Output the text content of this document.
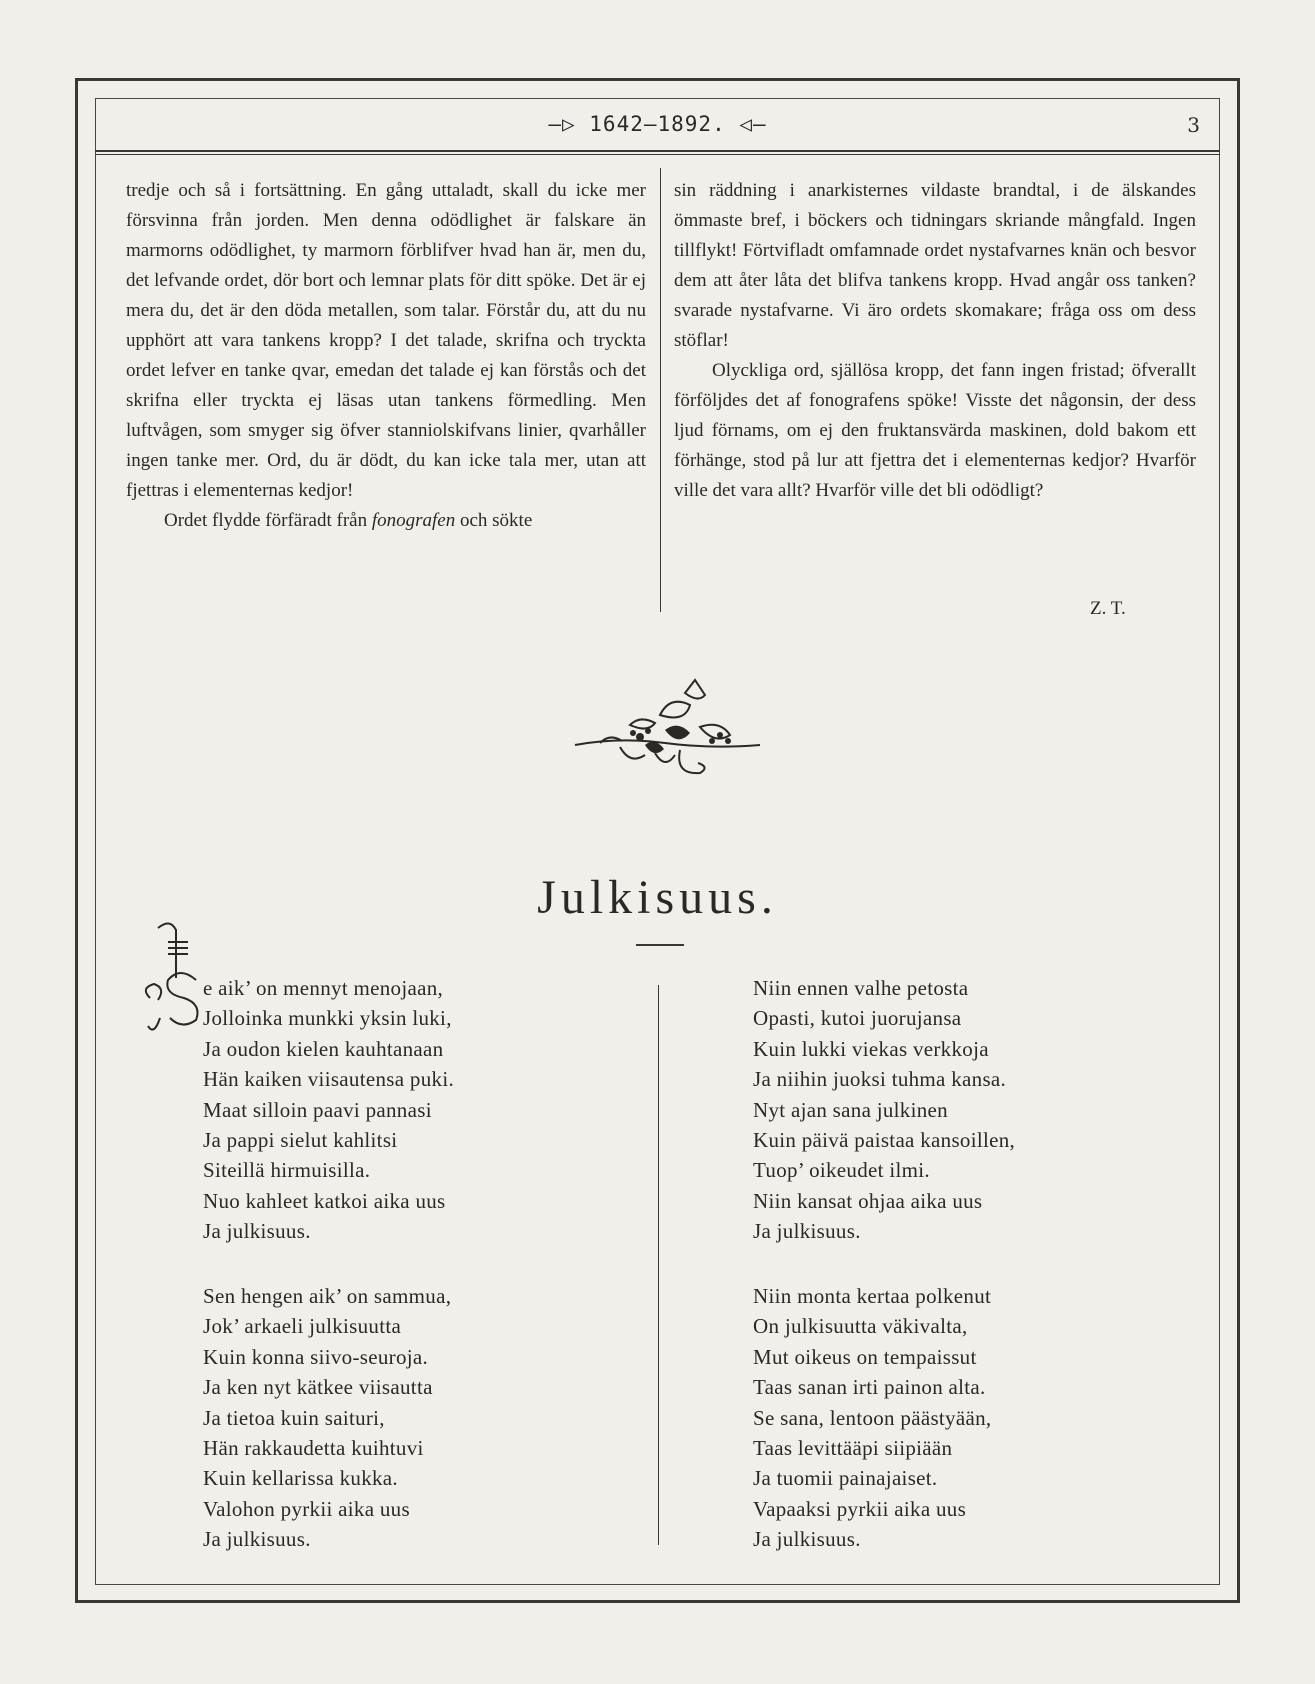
—▷ 1642—1892. ◁—	3

tredje och så i fortsättning. En gång uttaladt, skall du icke mer försvinna från jorden. Men denna odödlighet är falskare än marmorns odödlighet, ty marmorn förblifver hvad han är, men du, det lefvande ordet, dör bort och lemnar plats för ditt spöke. Det är ej mera du, det är den döda metallen, som talar. Förstår du, att du nu upphört att vara tankens kropp? I det talade, skrifna och tryckta ordet lefver en tanke qvar, emedan det talade ej kan förstås och det skrifna eller tryckta ej läsas utan tankens förmedling. Men luftvågen, som smyger sig öfver stanniolskifvans linier, qvarhåller ingen tanke mer. Ord, du är dödt, du kan icke tala mer, utan att fjettras i elementernas kedjor!

Ordet flydde förfäradt från fonografen och sökte

sin räddning i anarkisternes vildaste brandtal, i de älskandes ömmaste bref, i böckers och tidningars skriande mångfald. Ingen tillflykt! Förtvifladt omfamnade ordet nystafvarnes knän och besvor dem att åter låta det blifva tankens kropp. Hvad angår oss tanken? svarade nystafvarne. Vi äro ordets skomakare; fråga oss om dess stöflar!

Olyckliga ord, själlösa kropp, det fann ingen fristad; öfverallt förföljdes det af fonografens spöke! Visste det någonsin, der dess ljud förnams, om ej den fruktansvärda maskinen, dold bakom ett förhänge, stod på lur att fjettra det i elementernas kedjor? Hvarför ville det vara allt? Hvarför ville det bli odödligt?

Z. T.
Julkisuus.
e aik’ on mennyt menojaan,
Jolloinka munkki yksin luki,
Ja oudon kielen kauhtanaan
Hän kaiken viisautensa puki.
Maat silloin paavi pannasi
Ja pappi sielut kahlitsi
Siteillä hirmuisilla.
Nuo kahleet katkoi aika uus
Ja julkisuus.
Niin ennen valhe petosta
Opasti, kutoi juorujansa
Kuin lukki viekas verkkoja
Ja niihin juoksi tuhma kansa.
Nyt ajan sana julkinen
Kuin päivä paistaa kansoillen,
Tuop’ oikeudet ilmi.
Niin kansat ohjaa aika uus
Ja julkisuus.
Sen hengen aik’ on sammua,
Jok’ arkaeli julkisuutta
Kuin konna siivo-seuroja.
Ja ken nyt kätkee viisautta
Ja tietoa kuin saituri,
Hän rakkaudetta kuihtuvi
Kuin kellarissa kukka.
Valohon pyrkii aika uus
Ja julkisuus.
Niin monta kertaa polkenut
On julkisuutta väkivalta,
Mut oikeus on tempaissut
Taas sanan irti painon alta.
Se sana, lentoon päästyään,
Taas levittääpi siipiään
Ja tuomii painajaiset.
Vapaaksi pyrkii aika uus
Ja julkisuus.
